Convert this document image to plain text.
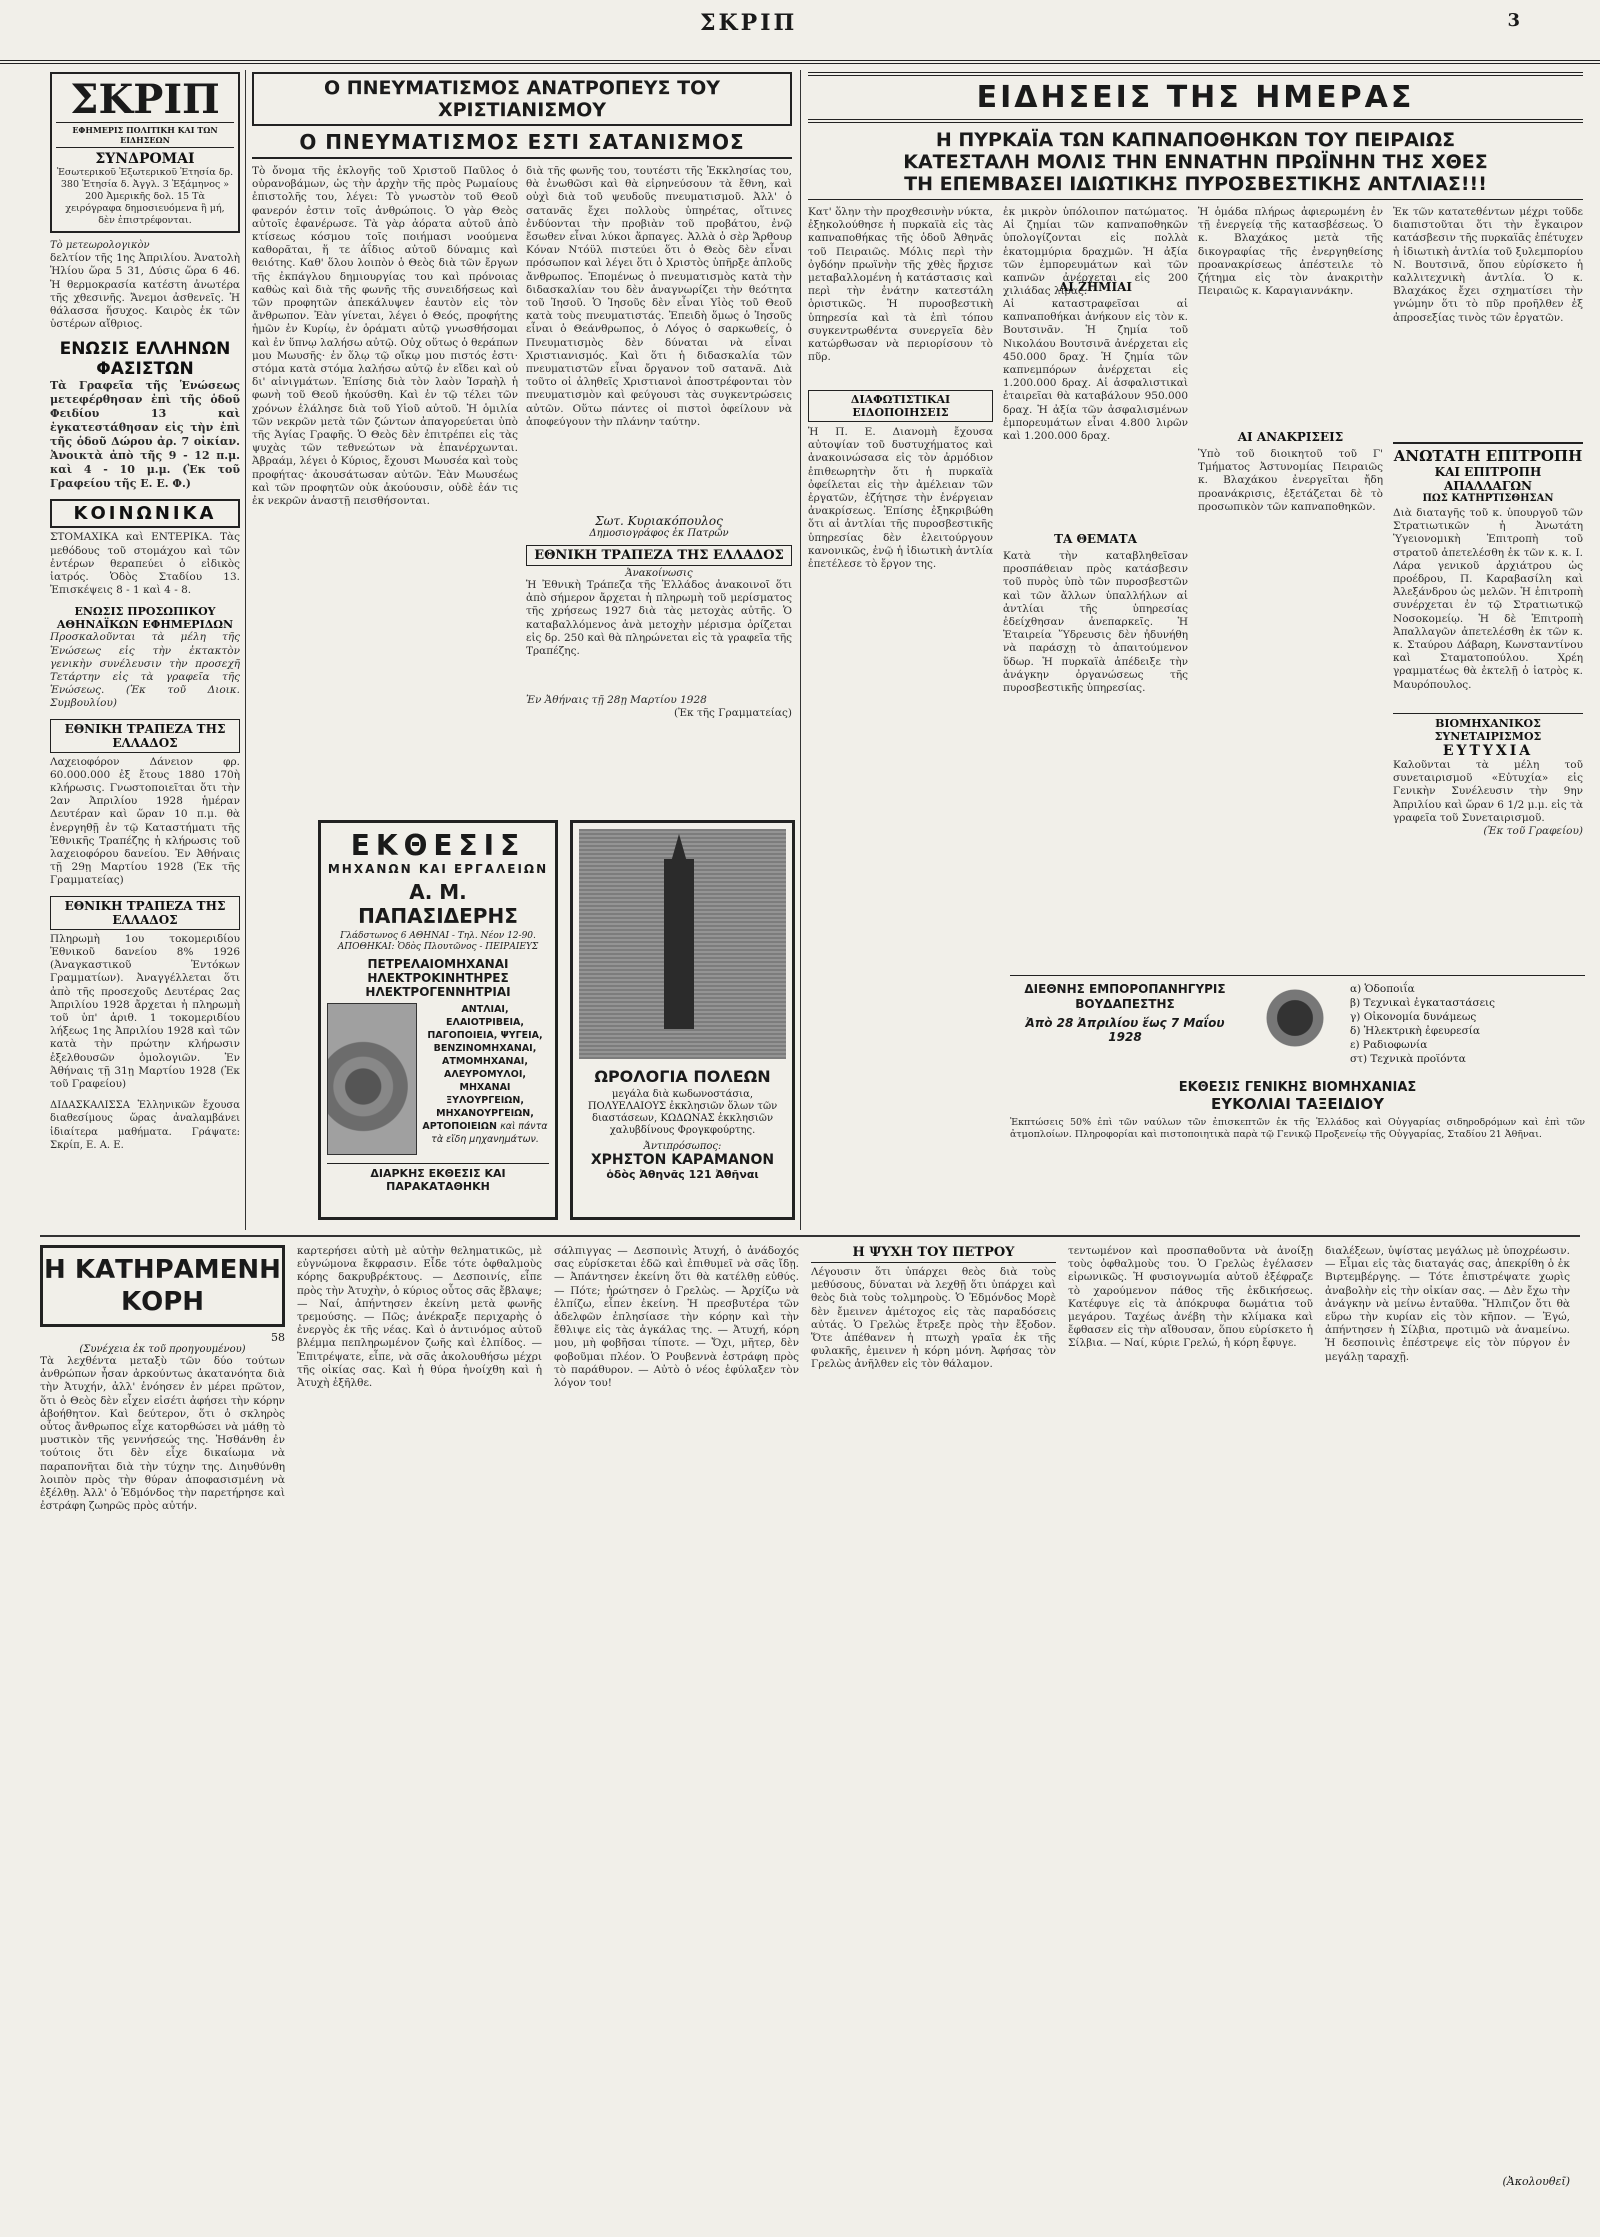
ΣΚΡΙΠ	3
ΣΚΡΙΠ
ΕΦΗΜΕΡΙΣ ΠΟΛΙΤΙΚΗ ΚΑΙ ΤΩΝ ΕΙΔΗΣΕΩΝ
ΣΥΝΔΡΟΜΑΙ
Ἐσωτερικοῦ Ἐξωτερικοῦ Ἐτησία δρ. 380 Ἐτησία δ. Ἀγγλ. 3 Ἐξάμηνος » 200 Ἀμερικῆς δολ. 15 Τὰ χειρόγραφα δημοσιευόμενα ἢ μή, δὲν ἐπιστρέφονται.
Τὸ μετεωρολογικὸν
δελτίον τῆς 1ης Ἀπριλίου. Ἀνατολὴ Ἡλίου ὥρα 5 31, Δύσις ὥρα 6 46. Ἡ θερμοκρασία κατέστη ἀνωτέρα τῆς χθεσινῆς. Ἄνεμοι ἀσθενεῖς. Ἡ θάλασσα ἥσυχος. Καιρὸς ἐκ τῶν ὑστέρων αἴθριος.
ΕΝΩΣΙΣ ΕΛΛΗΝΩΝ ΦΑΣΙΣΤΩΝ
Τὰ Γραφεῖα τῆς Ἑνώσεως μετεφέρθησαν ἐπὶ τῆς ὁδοῦ Φειδίου 13 καὶ ἐγκατεστάθησαν εἰς τὴν ἐπὶ τῆς ὁδοῦ Δώρου ἀρ. 7 οἰκίαν. Ἀνοικτὰ ἀπὸ τῆς 9 - 12 π.μ. καὶ 4 - 10 μ.μ. (Ἐκ τοῦ Γραφείου τῆς Ε. Ε. Φ.)
ΚΟΙΝΩΝΙΚΑ
ΣΤΟΜΑΧΙΚΑ καὶ ΕΝΤΕΡΙΚΑ. Τὰς μεθόδους τοῦ στομάχου καὶ τῶν ἐντέρων θεραπεύει ὁ εἰδικὸς ἰατρός. Ὁδὸς Σταδίου 13. Ἐπισκέψεις 8 - 1 καὶ 4 - 8.
ΕΝΩΣΙΣ ΠΡΟΣΩΠΙΚΟΥ ΑΘΗΝΑΪΚΩΝ ΕΦΗΜΕΡΙΔΩΝ
Προσκαλοῦνται τὰ μέλη τῆς Ἑνώσεως εἰς τὴν ἐκτακτὸν γενικὴν συνέλευσιν τὴν προσεχῆ Τετάρτην εἰς τὰ γραφεῖα τῆς Ἑνώσεως. (Ἐκ τοῦ Διοικ. Συμβουλίου)
ΕΘΝΙΚΗ ΤΡΑΠΕΖΑ ΤΗΣ ΕΛΛΑΔΟΣ
Λαχειοφόρον Δάνειον φρ. 60.000.000 ἐξ ἔτους 1880 170ὴ κλήρωσις. Γνωστοποιεῖται ὅτι τὴν 2αν Ἀπριλίου 1928 ἡμέραν Δευτέραν καὶ ὥραν 10 π.μ. θὰ ἐνεργηθῇ ἐν τῷ Καταστήματι τῆς Ἐθνικῆς Τραπέζης ἡ κλήρωσις τοῦ λαχειοφόρου δανείου. Ἐν Ἀθήναις τῇ 29ῃ Μαρτίου 1928 (Ἐκ τῆς Γραμματείας)
ΕΘΝΙΚΗ ΤΡΑΠΕΖΑ ΤΗΣ ΕΛΛΑΔΟΣ
Πληρωμὴ 1ου τοκομεριδίου Ἐθνικοῦ δανείου 8% 1926 (Ἀναγκαστικοῦ Ἐντόκων Γραμματίων). Ἀναγγέλλεται ὅτι ἀπὸ τῆς προσεχοῦς Δευτέρας 2ας Ἀπριλίου 1928 ἄρχεται ἡ πληρωμὴ τοῦ ὑπ' ἀριθ. 1 τοκομεριδίου λήξεως 1ης Ἀπριλίου 1928 καὶ τῶν κατὰ τὴν πρώτην κλήρωσιν ἐξελθουσῶν ὁμολογιῶν. Ἐν Ἀθήναις τῇ 31ῃ Μαρτίου 1928 (Ἐκ τοῦ Γραφείου)
ΔΙΔΑΣΚΑΛΙΣΣΑ Ἑλληνικῶν ἔχουσα διαθεσίμους ὥρας ἀναλαμβάνει ἰδιαίτερα μαθήματα. Γράψατε: Σκρίπ, Ε. Α. Ε.
Ο ΠΝΕΥΜΑΤΙΣΜΟΣ ΑΝΑΤΡΟΠΕΥΣ ΤΟΥ ΧΡΙΣΤΙΑΝΙΣΜΟΥ
Ο ΠΝΕΥΜΑΤΙΣΜΟΣ ΕΣΤΙ ΣΑΤΑΝΙΣΜΟΣ
Τὸ ὄνομα τῆς ἐκλογῆς τοῦ Χριστοῦ Παῦλος ὁ οὐρανοβάμων, ὡς τὴν ἀρχὴν τῆς πρὸς Ρωμαίους ἐπιστολῆς του, λέγει: Τὸ γνωστὸν τοῦ Θεοῦ φανερόν ἐστιν τοῖς ἀνθρώποις. Ὁ γὰρ Θεὸς αὐτοῖς ἐφανέρωσε. Τὰ γὰρ ἀόρατα αὐτοῦ ἀπὸ κτίσεως κόσμου τοῖς ποιήμασι νοούμενα καθορᾶται, ἥ τε ἀΐδιος αὐτοῦ δύναμις καὶ θειότης. Καθ' ὅλου λοιπὸν ὁ Θεὸς διὰ τῶν ἔργων τῆς ἐκπάγλου δημιουργίας του καὶ πρόνοιας καθὼς καὶ διὰ τῆς φωνῆς τῆς συνειδήσεως καὶ τῶν προφητῶν ἀπεκάλυψεν ἑαυτὸν εἰς τὸν ἄνθρωπον. Ἐὰν γίνεται, λέγει ὁ Θεός, προφήτης ἡμῶν ἐν Κυρίῳ, ἐν ὁράματι αὐτῷ γνωσθήσομαι καὶ ἐν ὕπνῳ λαλήσω αὐτῷ. Οὐχ οὕτως ὁ θεράπων μου Μωυσῆς· ἐν ὅλῳ τῷ οἴκῳ μου πιστός ἐστι· στόμα κατὰ στόμα λαλήσω αὐτῷ ἐν εἴδει καὶ οὐ δι' αἰνιγμάτων. Ἐπίσης διὰ τὸν λαὸν Ἰσραὴλ ἡ φωνὴ τοῦ Θεοῦ ἠκούσθη. Καὶ ἐν τῷ τέλει τῶν χρόνων ἐλάλησε διὰ τοῦ Υἱοῦ αὐτοῦ. Ἡ ὁμιλία τῶν νεκρῶν μετὰ τῶν ζώντων ἀπαγορεύεται ὑπὸ τῆς Ἁγίας Γραφῆς. Ὁ Θεὸς δὲν ἐπιτρέπει εἰς τὰς ψυχὰς τῶν τεθνεώτων νὰ ἐπανέρχωνται. Ἀβραάμ, λέγει ὁ Κύριος, ἔχουσι Μωυσέα καὶ τοὺς προφήτας· ἀκουσάτωσαν αὐτῶν. Ἐὰν Μωυσέως καὶ τῶν προφητῶν οὐκ ἀκούουσιν, οὐδὲ ἐάν τις ἐκ νεκρῶν ἀναστῇ πεισθήσονται.
διὰ τῆς φωνῆς του, τουτέστι τῆς Ἐκκλησίας του, θὰ ἐνωθῶσι καὶ θὰ εἰρηνεύσουν τὰ ἔθνη, καὶ οὐχὶ διὰ τοῦ ψευδοῦς πνευματισμοῦ. Ἀλλ' ὁ σατανᾶς ἔχει πολλοὺς ὑπηρέτας, οἵτινες ἐνδύονται τὴν προβιὰν τοῦ προβάτου, ἐνῷ ἔσωθεν εἶναι λύκοι ἅρπαγες. Ἀλλὰ ὁ σὲρ Ἄρθουρ Κόναν Ντόϋλ πιστεύει ὅτι ὁ Θεὸς δὲν εἶναι πρόσωπον καὶ λέγει ὅτι ὁ Χριστὸς ὑπῆρξε ἁπλοῦς ἄνθρωπος. Ἐπομένως ὁ πνευματισμὸς κατὰ τὴν διδασκαλίαν του δὲν ἀναγνωρίζει τὴν θεότητα τοῦ Ἰησοῦ. Ὁ Ἰησοῦς δὲν εἶναι Υἱὸς τοῦ Θεοῦ κατὰ τοὺς πνευματιστάς. Ἐπειδὴ ὅμως ὁ Ἰησοῦς εἶναι ὁ Θεάνθρωπος, ὁ Λόγος ὁ σαρκωθείς, ὁ Πνευματισμὸς δὲν δύναται νὰ εἶναι Χριστιανισμός. Καὶ ὅτι ἡ διδασκαλία τῶν πνευματιστῶν εἶναι ὄργανον τοῦ σατανᾶ. Διὰ τοῦτο οἱ ἀληθεῖς Χριστιανοὶ ἀποστρέφονται τὸν πνευματισμὸν καὶ φεύγουσι τὰς συγκεντρώσεις αὐτῶν. Οὕτω πάντες οἱ πιστοὶ ὀφείλουν νὰ ἀποφεύγουν τὴν πλάνην ταύτην.
Σωτ. Κυριακόπουλος
Δημοσιογράφος ἐκ Πατρῶν
ΕΘΝΙΚΗ ΤΡΑΠΕΖΑ ΤΗΣ ΕΛΛΑΔΟΣ
Ἀνακοίνωσις
Ἡ Ἐθνικὴ Τράπεζα τῆς Ἑλλάδος ἀνακοινοῖ ὅτι ἀπὸ σήμερον ἄρχεται ἡ πληρωμὴ τοῦ μερίσματος τῆς χρήσεως 1927 διὰ τὰς μετοχὰς αὐτῆς. Ὁ καταβαλλόμενος ἀνὰ μετοχὴν μέρισμα ὁρίζεται εἰς δρ. 250 καὶ θὰ πληρώνεται εἰς τὰ γραφεῖα τῆς Τραπέζης.
Ἐν Ἀθήναις τῇ 28ῃ Μαρτίου 1928
(Ἐκ τῆς Γραμματείας)
ΕΚΘΕΣΙΣ
ΜΗΧΑΝΩΝ ΚΑΙ ΕΡΓΑΛΕΙΩΝ
Α. Μ. ΠΑΠΑΣΙΔΕΡΗΣ
Γλάδστωνος 6 ΑΘΗΝΑΙ - Τηλ. Νέον 12-90. ΑΠΟΘΗΚΑΙ: Ὁδὸς Πλουτῶνος - ΠΕΙΡΑΙΕΥΣ
ΠΕΤΡΕΛΑΙΟΜΗΧΑΝΑΙ
ΗΛΕΚΤΡΟΚΙΝΗΤΗΡΕΣ
ΗΛΕΚΤΡΟΓΕΝΝΗΤΡΙΑΙ
ΑΝΤΛΙΑΙ, ΕΛΑΙΟΤΡΙΒΕΙΑ, ΠΑΓΟΠΟΙΕΙΑ, ΨΥΓΕΙΑ, ΒΕΝΖΙΝΟΜΗΧΑΝΑΙ, ΑΤΜΟΜΗΧΑΝΑΙ, ΑΛΕΥΡΟΜΥΛΟΙ, ΜΗΧΑΝΑΙ ΞΥΛΟΥΡΓΕΙΩΝ, ΜΗΧΑΝΟΥΡΓΕΙΩΝ, ΑΡΤΟΠΟΙΕΙΩΝ καὶ πάντα τὰ εἴδη μηχανημάτων.
ΔΙΑΡΚΗΣ ΕΚΘΕΣΙΣ ΚΑΙ ΠΑΡΑΚΑΤΑΘΗΚΗ
ΩΡΟΛΟΓΙΑ ΠΟΛΕΩΝ
μεγάλα διὰ κωδωνοστάσια, ΠΟΛΥΕΛΑΙΟΥΣ ἐκκλησιῶν ὅλων τῶν διαστάσεων, ΚΩΔΩΝΑΣ ἐκκλησιῶν χαλυβδίνους Φρογκφούρτης.
Ἀντιπρόσωπος:
ΧΡΗΣΤΟΝ ΚΑΡΑΜΑΝΟΝ
ὁδὸς Ἀθηνᾶς 121 Ἀθῆναι
ΕΙΔΗΣΕΙΣ ΤΗΣ ΗΜΕΡΑΣ
Η ΠΥΡΚΑΪΑ ΤΩΝ ΚΑΠΝΑΠΟΘΗΚΩΝ ΤΟΥ ΠΕΙΡΑΙΩΣ
ΚΑΤΕΣΤΑΛΗ ΜΟΛΙΣ ΤΗΝ ΕΝΝΑΤΗΝ ΠΡΩΪΝΗΝ ΤΗΣ ΧΘΕΣ
ΤΗ ΕΠΕΜΒΑΣΕΙ ΙΔΙΩΤΙΚΗΣ ΠΥΡΟΣΒΕΣΤΙΚΗΣ ΑΝΤΛΙΑΣ!!!
Κατ' ὅλην τὴν προχθεσινὴν νύκτα, ἐξηκολούθησε ἡ πυρκαϊὰ εἰς τὰς καπναποθήκας τῆς ὁδοῦ Ἀθηνᾶς τοῦ Πειραιῶς. Μόλις περὶ τὴν ὀγδόην πρωϊνὴν τῆς χθὲς ἤρχισε μεταβαλλομένη ἡ κατάστασις καὶ περὶ τὴν ἐνάτην κατεστάλη ὁριστικῶς. Ἡ πυροσβεστικὴ ὑπηρεσία καὶ τὰ ἐπὶ τόπου συγκεντρωθέντα συνεργεῖα δὲν κατώρθωσαν νὰ περιορίσουν τὸ πῦρ.
ΔΙΑΦΩΤΙΣΤΙΚΑΙ ΕΙΔΟΠΟΙΗΣΕΙΣ
Ἡ Π. Ε. Διανομὴ ἔχουσα αὐτοψίαν τοῦ δυστυχήματος καὶ ἀνακοινώσασα εἰς τὸν ἀρμόδιον ἐπιθεωρητὴν ὅτι ἡ πυρκαϊὰ ὀφείλεται εἰς τὴν ἀμέλειαν τῶν ἐργατῶν, ἐζήτησε τὴν ἐνέργειαν ἀνακρίσεως. Ἐπίσης ἐξηκριβώθη ὅτι αἱ ἀντλίαι τῆς πυροσβεστικῆς ὑπηρεσίας δὲν ἐλειτούργουν κανονικῶς, ἐνῷ ἡ ἰδιωτικὴ ἀντλία ἐπετέλεσε τὸ ἔργον της.
ἐκ μικρὸν ὑπόλοιπον πατώματος. Αἱ ζημίαι τῶν καπναποθηκῶν ὑπολογίζονται εἰς πολλὰ ἑκατομμύρια δραχμῶν. Ἡ ἀξία τῶν ἐμπορευμάτων καὶ τῶν καπνῶν ἀνέρχεται εἰς 200 χιλιάδας λίρας.
ΑΙ ΖΗΜΙΑΙ
Αἱ καταστραφεῖσαι αἱ καπναποθήκαι ἀνήκουν εἰς τὸν κ. Βουτσινᾶν. Ἡ ζημία τοῦ Νικολάου Βουτσινᾶ ἀνέρχεται εἰς 450.000 δραχ. Ἡ ζημία τῶν καπνεμπόρων ἀνέρχεται εἰς 1.200.000 δραχ. Αἱ ἀσφαλιστικαὶ ἑταιρεῖαι θὰ καταβάλουν 950.000 δραχ. Ἡ ἀξία τῶν ἀσφαλισμένων ἐμπορευμάτων εἶναι 4.800 λιρῶν καὶ 1.200.000 δραχ.
ΤΑ ΘΕΜΑΤΑ
Κατὰ τὴν καταβληθεῖσαν προσπάθειαν πρὸς κατάσβεσιν τοῦ πυρὸς ὑπὸ τῶν πυροσβεστῶν καὶ τῶν ἄλλων ὑπαλλήλων αἱ ἀντλίαι τῆς ὑπηρεσίας ἐδείχθησαν ἀνεπαρκεῖς. Ἡ Ἑταιρεία Ὕδρευσις δὲν ἠδυνήθη νὰ παράσχῃ τὸ ἀπαιτούμενον ὕδωρ. Ἡ πυρκαϊὰ ἀπέδειξε τὴν ἀνάγκην ὀργανώσεως τῆς πυροσβεστικῆς ὑπηρεσίας.
Ἡ ὁμάδα πλήρως ἀφιερωμένη ἐν τῇ ἐνεργείᾳ τῆς κατασβέσεως. Ὁ κ. Βλαχάκος μετὰ τῆς δικογραφίας τῆς ἐνεργηθείσης προανακρίσεως ἀπέστειλε τὸ ζήτημα εἰς τὸν ἀνακριτὴν Πειραιῶς κ. Καραγιαννάκην.
ΑΙ ΑΝΑΚΡΙΣΕΙΣ
Ὑπὸ τοῦ διοικητοῦ τοῦ Γ' Τμήματος Ἀστυνομίας Πειραιῶς κ. Βλαχάκου ἐνεργεῖται ἤδη προανάκρισις, ἐξετάζεται δὲ τὸ προσωπικὸν τῶν καπναποθηκῶν.
Ἐκ τῶν κατατεθέντων μέχρι τοῦδε διαπιστοῦται ὅτι τὴν ἔγκαιρον κατάσβεσιν τῆς πυρκαϊᾶς ἐπέτυχεν ἡ ἰδιωτικὴ ἀντλία τοῦ ξυλεμπορίου Ν. Βουτσινᾶ, ὅπου εὑρίσκετο ἡ καλλιτεχνικὴ ἀντλία. Ὁ κ. Βλαχάκος ἔχει σχηματίσει τὴν γνώμην ὅτι τὸ πῦρ προῆλθεν ἐξ ἀπροσεξίας τινὸς τῶν ἐργατῶν.
ΑΝΩΤΑΤΗ ΕΠΙΤΡΟΠΗ
ΚΑΙ ΕΠΙΤΡΟΠΗ ΑΠΑΛΛΑΓΩΝ
ΠΩΣ ΚΑΤΗΡΤΙΣΘΗΣΑΝ
Διὰ διαταγῆς τοῦ κ. ὑπουργοῦ τῶν Στρατιωτικῶν ἡ Ἀνωτάτη Ὑγειονομικὴ Ἐπιτροπὴ τοῦ στρατοῦ ἀπετελέσθη ἐκ τῶν κ. κ. Ι. Λάρα γενικοῦ ἀρχιάτρου ὡς προέδρου, Π. Καραβασίλη καὶ Ἀλεξάνδρου ὡς μελῶν. Ἡ ἐπιτροπὴ συνέρχεται ἐν τῷ Στρατιωτικῷ Νοσοκομείῳ. Ἡ δὲ Ἐπιτροπὴ Ἀπαλλαγῶν ἀπετελέσθη ἐκ τῶν κ. κ. Σταύρου Δάβαρη, Κωνσταντίνου καὶ Σταματοπούλου. Χρέη γραμματέως θὰ ἐκτελῇ ὁ ἰατρὸς κ. Μαυρόπουλος.
ΒΙΟΜΗΧΑΝΙΚΟΣ ΣΥΝΕΤΑΙΡΙΣΜΟΣ
ΕΥΤΥΧΙΑ
Καλοῦνται τὰ μέλη τοῦ συνεταιρισμοῦ «Εὐτυχία» εἰς Γενικὴν Συνέλευσιν τὴν 9ην Ἀπριλίου καὶ ὥραν 6 1/2 μ.μ. εἰς τὰ γραφεῖα τοῦ Συνεταιρισμοῦ.
(Ἐκ τοῦ Γραφείου)
ΔΙΕΘΝΗΣ ΕΜΠΟΡΟΠΑΝΗΓΥΡΙΣ ΒΟΥΔΑΠΕΣΤΗΣ
Ἀπὸ 28 Ἀπριλίου ἕως 7 Μαΐου 1928
α) Ὁδοποιΐα
β) Τεχνικαὶ ἐγκαταστάσεις
γ) Οἰκονομία δυνάμεως
δ) Ἠλεκτρικὴ ἐφευρεσία
ε) Ραδιοφωνία
στ) Τεχνικὰ προϊόντα
ΕΚΘΕΣΙΣ ΓΕΝΙΚΗΣ ΒΙΟΜΗΧΑΝΙΑΣ
ΕΥΚΟΛΙΑΙ ΤΑΞΕΙΔΙΟΥ
Ἐκπτώσεις 50% ἐπὶ τῶν ναύλων τῶν ἐπισκεπτῶν ἐκ τῆς Ἑλλάδος καὶ Οὐγγαρίας σιδηροδρόμων καὶ ἐπὶ τῶν ἀτμοπλοίων. Πληροφορίαι καὶ πιστοποιητικὰ παρὰ τῷ Γενικῷ Προξενείῳ τῆς Οὐγγαρίας, Σταδίου 21 Ἀθῆναι.
Η ΚΑΤΗΡΑΜΕΝΗ ΚΟΡΗ
58
(Συνέχεια ἐκ τοῦ προηγουμένου)
Τὰ λεχθέντα μεταξὺ τῶν δύο τούτων ἀνθρώπων ἦσαν ἀρκούντως ἀκατανόητα διὰ τὴν Ἀτυχήν, ἀλλ' ἐνόησεν ἐν μέρει πρῶτον, ὅτι ὁ Θεὸς δὲν εἶχεν εἰσέτι ἀφήσει τὴν κόρην ἀβοήθητον. Καὶ δεύτερον, ὅτι ὁ σκληρὸς οὗτος ἄνθρωπος εἶχε κατορθώσει νὰ μάθῃ τὸ μυστικὸν τῆς γεννήσεώς της. Ἡσθάνθη ἐν τούτοις ὅτι δὲν εἶχε δικαίωμα νὰ παραπονῆται διὰ τὴν τύχην της. Διηυθύνθη λοιπὸν πρὸς τὴν θύραν ἀποφασισμένη νὰ ἐξέλθῃ. Ἀλλ' ὁ Ἐδμόνδος τὴν παρετήρησε καὶ ἐστράφη ζωηρῶς πρὸς αὐτήν.
καρτερήσει αὐτὴ μὲ αὐτὴν θεληματικῶς, μὲ εὐγνώμονα ἔκφρασιν. Εἶδε τότε ὀφθαλμοὺς κόρης δακρυβρέκτους. — Δεσποινίς, εἶπε πρὸς τὴν Ἀτυχὴν, ὁ κύριος οὗτος σᾶς ἔβλαψε; — Ναί, ἀπήντησεν ἐκείνη μετὰ φωνῆς τρεμούσης. — Πῶς; ἀνέκραξε περιχαρὴς ὁ ἐνεργὸς ἐκ τῆς νέας. Καὶ ὁ ἀντινόμος αὐτοῦ βλέμμα πεπληρωμένον ζωῆς καὶ ἐλπίδος. — Ἐπιτρέψατε, εἶπε, νὰ σᾶς ἀκολουθήσω μέχρι τῆς οἰκίας σας. Καὶ ἡ θύρα ἠνοίχθη καὶ ἡ Ἀτυχὴ ἐξῆλθε.
σάλπιγγας — Δεσποινὶς Ἀτυχή, ὁ ἀνάδοχός σας εὑρίσκεται ἐδῶ καὶ ἐπιθυμεῖ νὰ σᾶς ἴδῃ. — Ἀπάντησεν ἐκείνη ὅτι θὰ κατέλθῃ εὐθύς. — Πότε; ἠρώτησεν ὁ Γρελὼς. — Ἀρχίζω νὰ ἐλπίζω, εἶπεν ἐκείνη. Ἡ πρεσβυτέρα τῶν ἀδελφῶν ἐπλησίασε τὴν κόρην καὶ τὴν ἔθλιψε εἰς τὰς ἀγκάλας της. — Ἀτυχή, κόρη μου, μὴ φοβῆσαι τίποτε. — Ὄχι, μῆτερ, δὲν φοβοῦμαι πλέον. Ὁ Ρουβεννὰ ἐστράφη πρὸς τὸ παράθυρον. — Αὐτὸ ὁ νέος ἐφύλαξεν τὸν λόγον του!
Η ΨΥΧΗ ΤΟΥ ΠΕΤΡΟΥ
Λέγουσιν ὅτι ὑπάρχει θεὸς διὰ τοὺς μεθύσους, δύναται νὰ λεχθῇ ὅτι ὑπάρχει καὶ θεὸς διὰ τοὺς τολμηροὺς. Ὁ Ἐδμόνδος Μορὲ δὲν ἔμεινεν ἀμέτοχος εἰς τὰς παραδόσεις αὐτάς. Ὁ Γρελὼς ἔτρεξε πρὸς τὴν ἔξοδον. Ὅτε ἀπέθανεν ἡ πτωχὴ γραῖα ἐκ τῆς φυλακῆς, ἐμεινεν ἡ κόρη μόνη. Ἀφήσας τὸν Γρελὼς ἀνῆλθεν εἰς τὸν θάλαμον.
τεντωμένον καὶ προσπαθοῦντα νὰ ἀνοίξῃ τοὺς ὀφθαλμοὺς του. Ὁ Γρελὼς ἐγέλασεν εἰρωνικῶς. Ἡ φυσιογνωμία αὐτοῦ ἐξέφραζε τὸ χαρούμενον πάθος τῆς ἐκδικήσεως. Κατέφυγε εἰς τὰ ἀπόκρυφα δωμάτια τοῦ μεγάρου. Ταχέως ἀνέβη τὴν κλίμακα καὶ ἔφθασεν εἰς τὴν αἴθουσαν, ὅπου εὑρίσκετο ἡ Σίλβια. — Ναί, κύριε Γρελώ, ἡ κόρη ἔφυγε.
διαλέξεων, ὑψίστας μεγάλως μὲ ὑποχρέωσιν. — Εἶμαι εἰς τὰς διαταγάς σας, ἀπεκρίθη ὁ ἐκ Βιρτεμβέργης. — Τότε ἐπιστρέψατε χωρὶς ἀναβολὴν εἰς τὴν οἰκίαν σας. — Δὲν ἔχω τὴν ἀνάγκην νὰ μείνω ἐνταῦθα. Ἤλπιζον ὅτι θὰ εὕρω τὴν κυρίαν εἰς τὸν κῆπον. — Ἐγώ, ἀπήντησεν ἡ Σίλβια, προτιμῶ νὰ ἀναμείνω. Ἡ δεσποινὶς ἐπέστρεψε εἰς τὸν πύργον ἐν μεγάλῃ ταραχῇ.
(Ἀκολουθεῖ)
